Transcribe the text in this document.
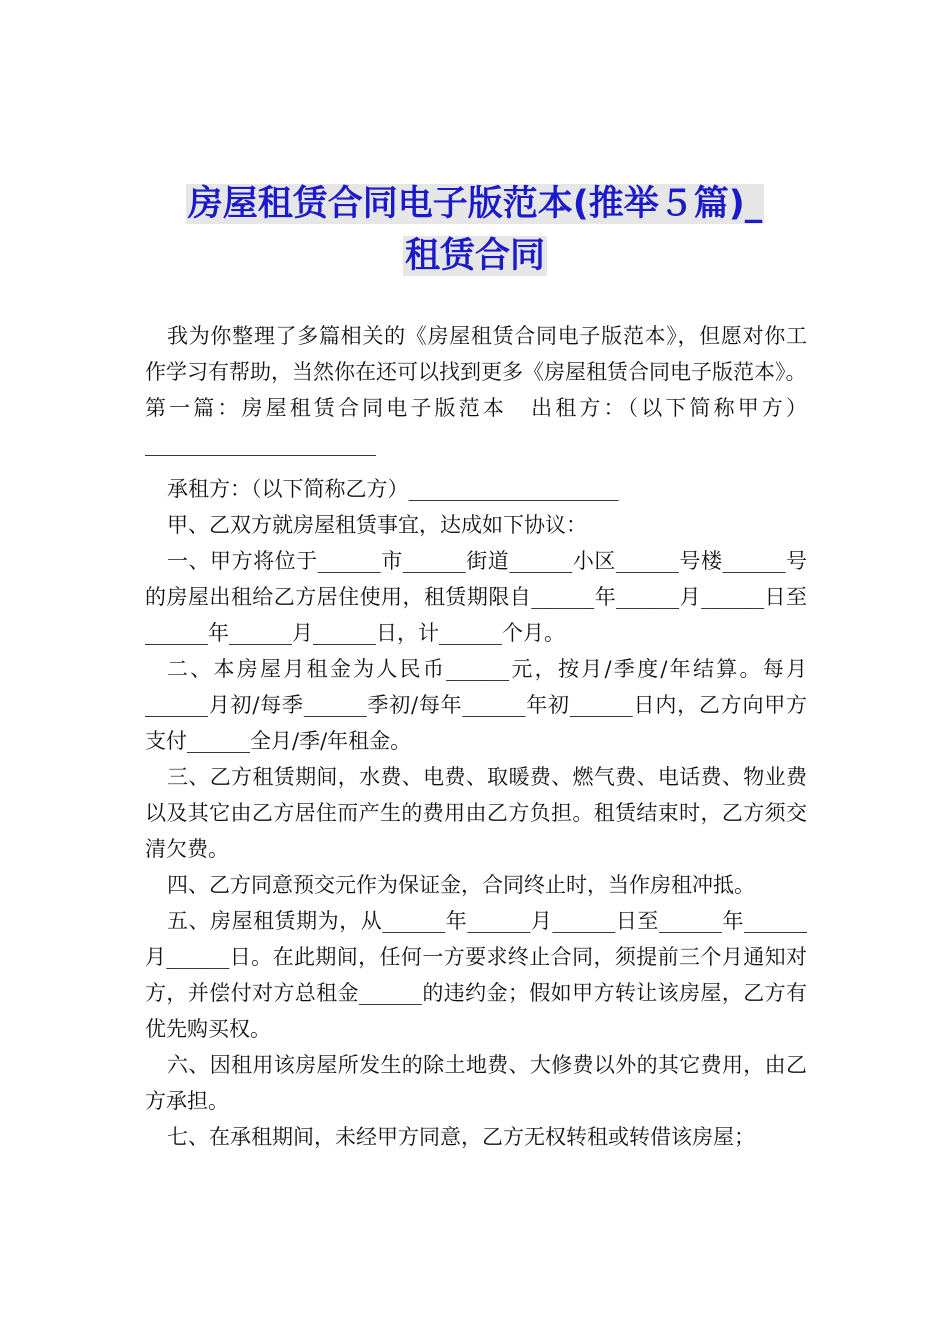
房屋租赁合同电子版范本(推举５篇)_
租赁合同

我为你整理了多篇相关的《房屋租赁合同电子版范本》，但愿对你工作学习有帮助，当然你在还可以找到更多《房屋租赁合同电子版范本》。

第一篇：房屋租赁合同电子版范本　出租方：（以下简称甲方）______________________

承租方：（以下简称乙方）____________________

甲、乙双方就房屋租赁事宜，达成如下协议：

一、甲方将位于______市______街道______小区______号楼______号的房屋出租给乙方居住使用，租赁期限自______年______月______日至______年______月______日，计______个月。

二、本房屋月租金为人民币______元，按月/季度/年结算。每月______月初/每季______季初/每年______年初______日内，乙方向甲方支付______全月/季/年租金。

三、乙方租赁期间，水费、电费、取暖费、燃气费、电话费、物业费以及其它由乙方居住而产生的费用由乙方负担。租赁结束时，乙方须交清欠费。

四、乙方同意预交元作为保证金，合同终止时，当作房租冲抵。

五、房屋租赁期为，从______年______月______日至______年______月______日。在此期间，任何一方要求终止合同，须提前三个月通知对方，并偿付对方总租金______的违约金；假如甲方转让该房屋，乙方有优先购买权。

六、因租用该房屋所发生的除土地费、大修费以外的其它费用，由乙方承担。

七、在承租期间，未经甲方同意，乙方无权转租或转借该房屋；
